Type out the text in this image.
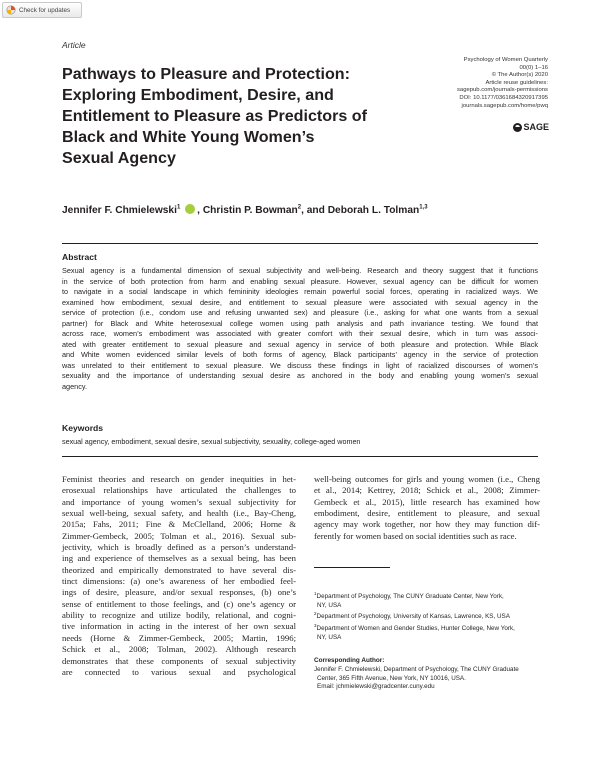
Check for updates
Article
Pathways to Pleasure and Protection:
Exploring Embodiment, Desire, and
Entitlement to Pleasure as Predictors of
Black and White Young Women’s
Sexual Agency
Psychology of Women Quarterly
00(0) 1–16
© The Author(s) 2020
Article reuse guidelines:
sagepub.com/journals-permissions
DOI: 10.1177/0361684320917395
journals.sagepub.com/home/pwq
SAGE
Jennifer F. Chmielewski$^1$ , Christin P. Bowman$^2$, and Deborah L. Tolman$^{1,3}$
Abstract
Sexual agency is a fundamental dimension of sexual subjectivity and well-being. Research and theory suggest that it functions
in the service of both protection from harm and enabling sexual pleasure. However, sexual agency can be difficult for women
to navigate in a social landscape in which femininity ideologies remain powerful social forces, operating in racialized ways. We
examined how embodiment, sexual desire, and entitlement to sexual pleasure were associated with sexual agency in the
service of protection (i.e., condom use and refusing unwanted sex) and pleasure (i.e., asking for what one wants from a sexual
partner) for Black and White heterosexual college women using path analysis and path invariance testing. We found that
across race, women’s embodiment was associated with greater comfort with their sexual desire, which in turn was associ-
ated with greater entitlement to sexual pleasure and sexual agency in service of both pleasure and protection. While Black
and White women evidenced similar levels of both forms of agency, Black participants’ agency in the service of protection
was unrelated to their entitlement to sexual pleasure. We discuss these findings in light of racialized discourses of women’s
sexuality and the importance of understanding sexual desire as anchored in the body and enabling young women’s sexual
agency.
Keywords
sexual agency, embodiment, sexual desire, sexual subjectivity, sexuality, college-aged women
Feminist theories and research on gender inequities in het-
erosexual relationships have articulated the challenges to
and importance of young women’s sexual subjectivity for
sexual well-being, sexual safety, and health (i.e., Bay-Cheng,
2015a; Fahs, 2011; Fine & McClelland, 2006; Horne &
Zimmer-Gembeck, 2005; Tolman et al., 2016). Sexual sub-
jectivity, which is broadly defined as a person’s understand-
ing and experience of themselves as a sexual being, has been
theorized and empirically demonstrated to have several dis-
tinct dimensions: (a) one’s awareness of her embodied feel-
ings of desire, pleasure, and/or sexual responses, (b) one’s
sense of entitlement to those feelings, and (c) one’s agency or
ability to recognize and utilize bodily, relational, and cogni-
tive information in acting in the interest of her own sexual
needs (Horne & Zimmer-Gembeck, 2005; Martin, 1996;
Schick et al., 2008; Tolman, 2002). Although research
demonstrates that these components of sexual subjectivity
are connected to various sexual and psychological
well-being outcomes for girls and young women (i.e., Cheng
et al., 2014; Kettrey, 2018; Schick et al., 2008; Zimmer-
Gembeck et al., 2015), little research has examined how
embodiment, desire, entitlement to pleasure, and sexual
agency may work together, nor how they may function dif-
ferently for women based on social identities such as race.
$^1$Department of Psychology, The CUNY Graduate Center, New York,
NY, USA
$^2$Department of Psychology, University of Kansas, Lawrence, KS, USA
$^3$Department of Women and Gender Studies, Hunter College, New York,
NY, USA
Corresponding Author:
Jennifer F. Chmielewski, Department of Psychology, The CUNY Graduate
Center, 365 Fifth Avenue, New York, NY 10016, USA.
Email: jchmielewski@gradcenter.cuny.edu
